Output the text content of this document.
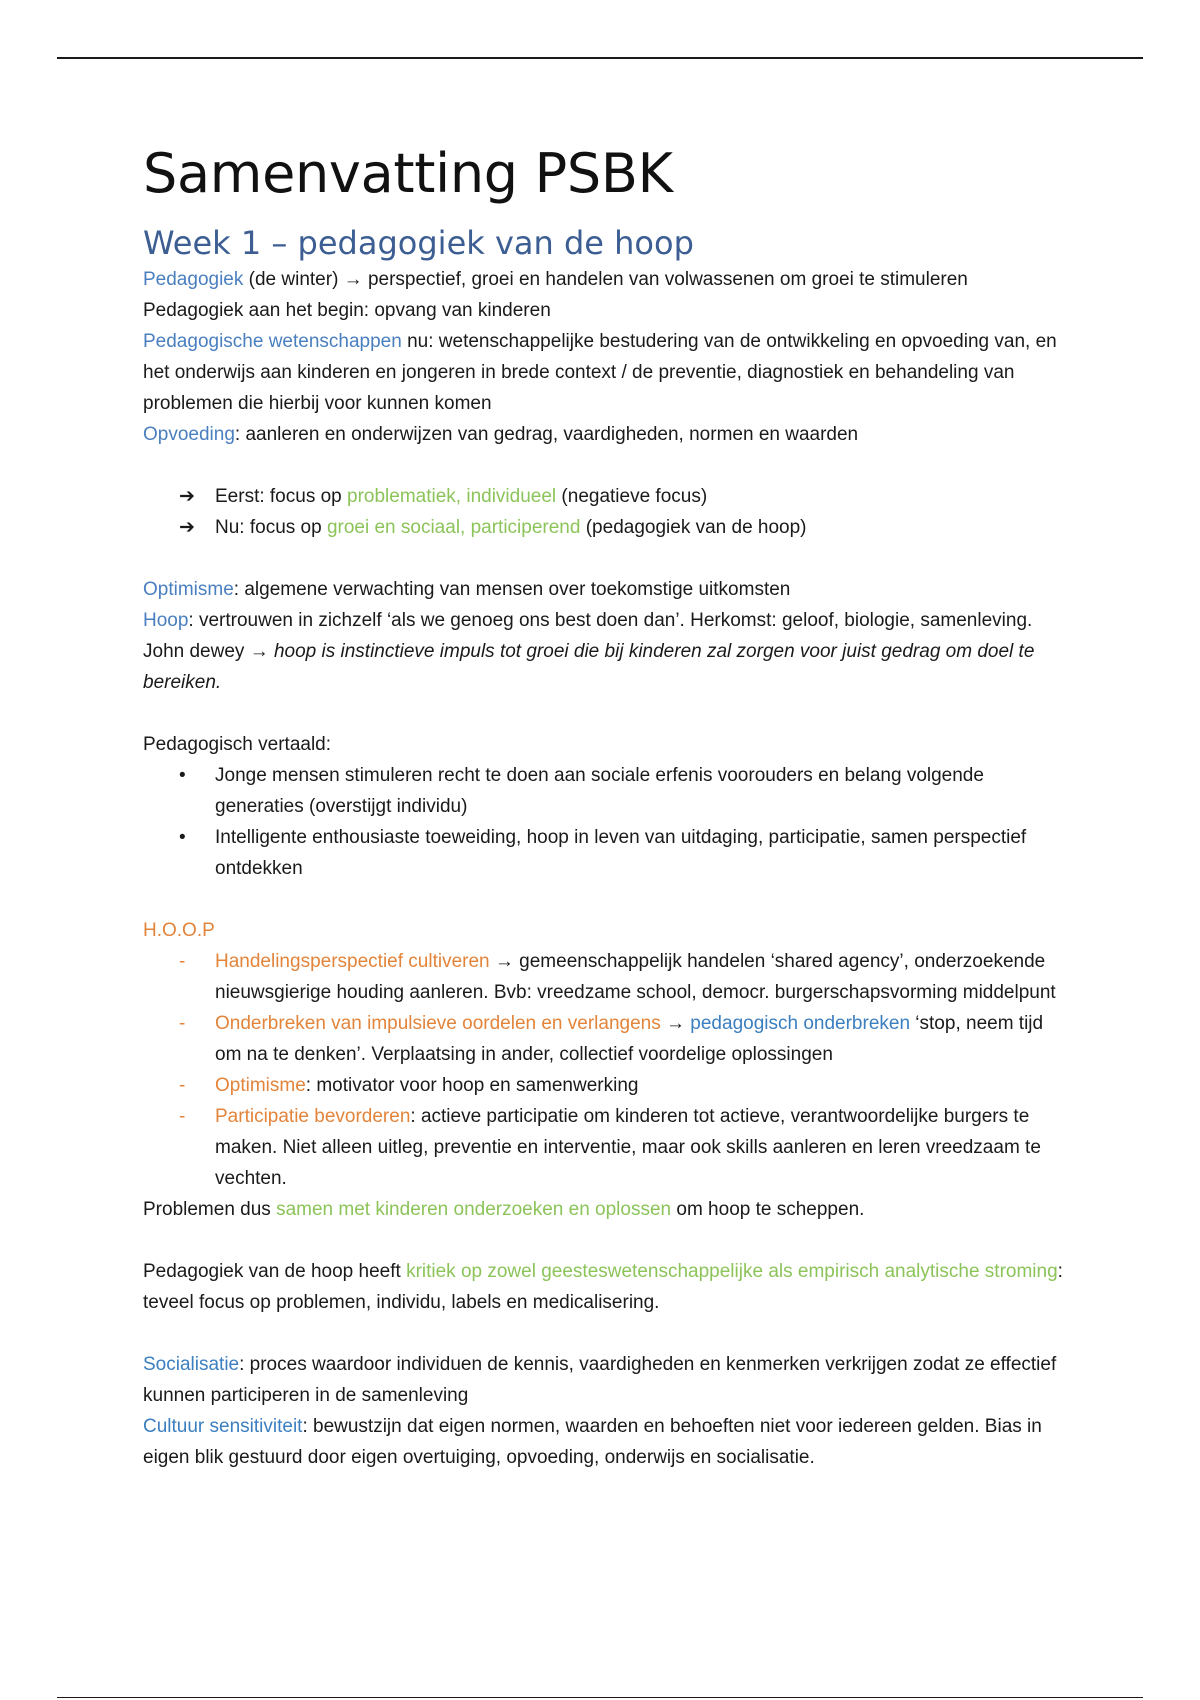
Samenvatting PSBK
Week 1 – pedagogiek van de hoop

Pedagogiek (de winter) → perspectief, groei en handelen van volwassenen om groei te stimuleren

Pedagogiek aan het begin: opvang van kinderen

Pedagogische wetenschappen nu: wetenschappelijke bestudering van de ontwikkeling en opvoeding van, en het onderwijs aan kinderen en jongeren in brede context / de preventie, diagnostiek en behandeling van problemen die hierbij voor kunnen komen

Opvoeding: aanleren en onderwijzen van gedrag, vaardigheden, normen en waarden

➔	Eerst: focus op problematiek, individueel (negatieve focus)
➔	Nu: focus op groei en sociaal, participerend (pedagogiek van de hoop)

Optimisme: algemene verwachting van mensen over toekomstige uitkomsten

Hoop: vertrouwen in zichzelf ‘als we genoeg ons best doen dan’. Herkomst: geloof, biologie, samenleving. John dewey → hoop is instinctieve impuls tot groei die bij kinderen zal zorgen voor juist gedrag om doel te bereiken.

Pedagogisch vertaald:

•	Jonge mensen stimuleren recht te doen aan sociale erfenis voorouders en belang volgende generaties (overstijgt individu)
•	Intelligente enthousiaste toeweiding, hoop in leven van uitdaging, participatie, samen perspectief ontdekken

H.O.O.P

-	Handelingsperspectief cultiveren → gemeenschappelijk handelen ‘shared agency’, onderzoekende nieuwsgierige houding aanleren. Bvb: vreedzame school, democr. burgerschapsvorming middelpunt
-	Onderbreken van impulsieve oordelen en verlangens → pedagogisch onderbreken ‘stop, neem tijd om na te denken’. Verplaatsing in ander, collectief voordelige oplossingen
-	Optimisme: motivator voor hoop en samenwerking
-	Participatie bevorderen: actieve participatie om kinderen tot actieve, verantwoordelijke burgers te maken. Niet alleen uitleg, preventie en interventie, maar ook skills aanleren en leren vreedzaam te vechten.

Problemen dus samen met kinderen onderzoeken en oplossen om hoop te scheppen.

Pedagogiek van de hoop heeft kritiek op zowel geesteswetenschappelijke als empirisch analytische stroming: teveel focus op problemen, individu, labels en medicalisering.

Socialisatie: proces waardoor individuen de kennis, vaardigheden en kenmerken verkrijgen zodat ze effectief kunnen participeren in de samenleving

Cultuur sensitiviteit: bewustzijn dat eigen normen, waarden en behoeften niet voor iedereen gelden. Bias in eigen blik gestuurd door eigen overtuiging, opvoeding, onderwijs en socialisatie.
